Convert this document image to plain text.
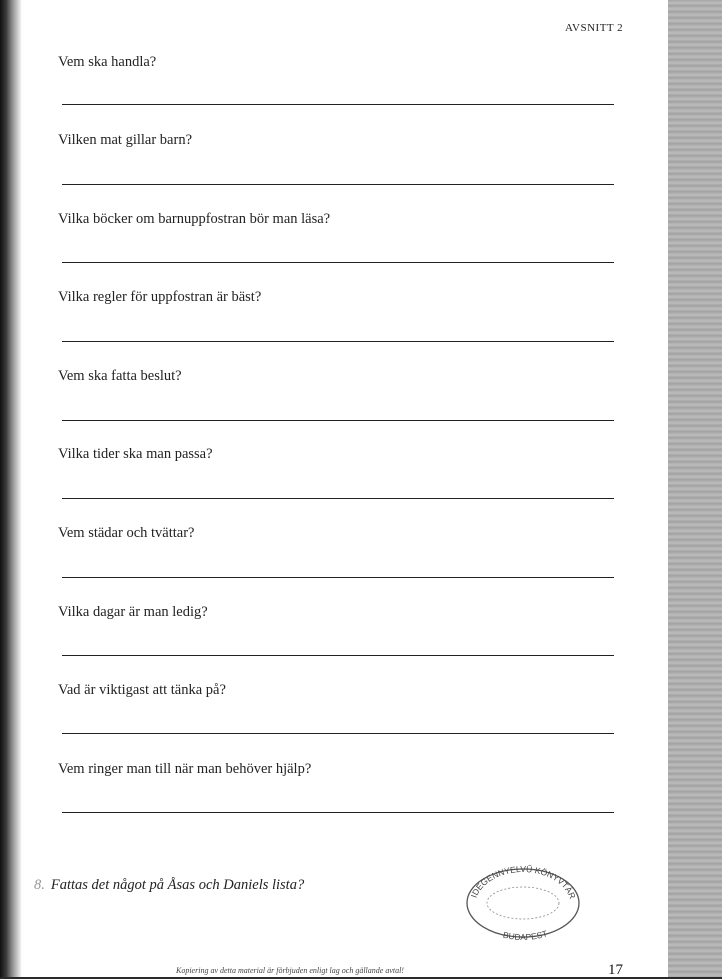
AVSNITT 2
Vem ska handla?
Vilken mat gillar barn?
Vilka böcker om barnuppfostran bör man läsa?
Vilka regler för uppfostran är bäst?
Vem ska fatta beslut?
Vilka tider ska man passa?
Vem städar och tvättar?
Vilka dagar är man ledig?
Vad är viktigast att tänka på?
Vem ringer man till när man behöver hjälp?
8. Fattas det något på Åsas och Daniels lista?
IDEGENNYELVŰ KÖNYVTÁR
BUDAPEST
Kopiering av detta material är förbjuden enligt lag och gällande avtal!	17
